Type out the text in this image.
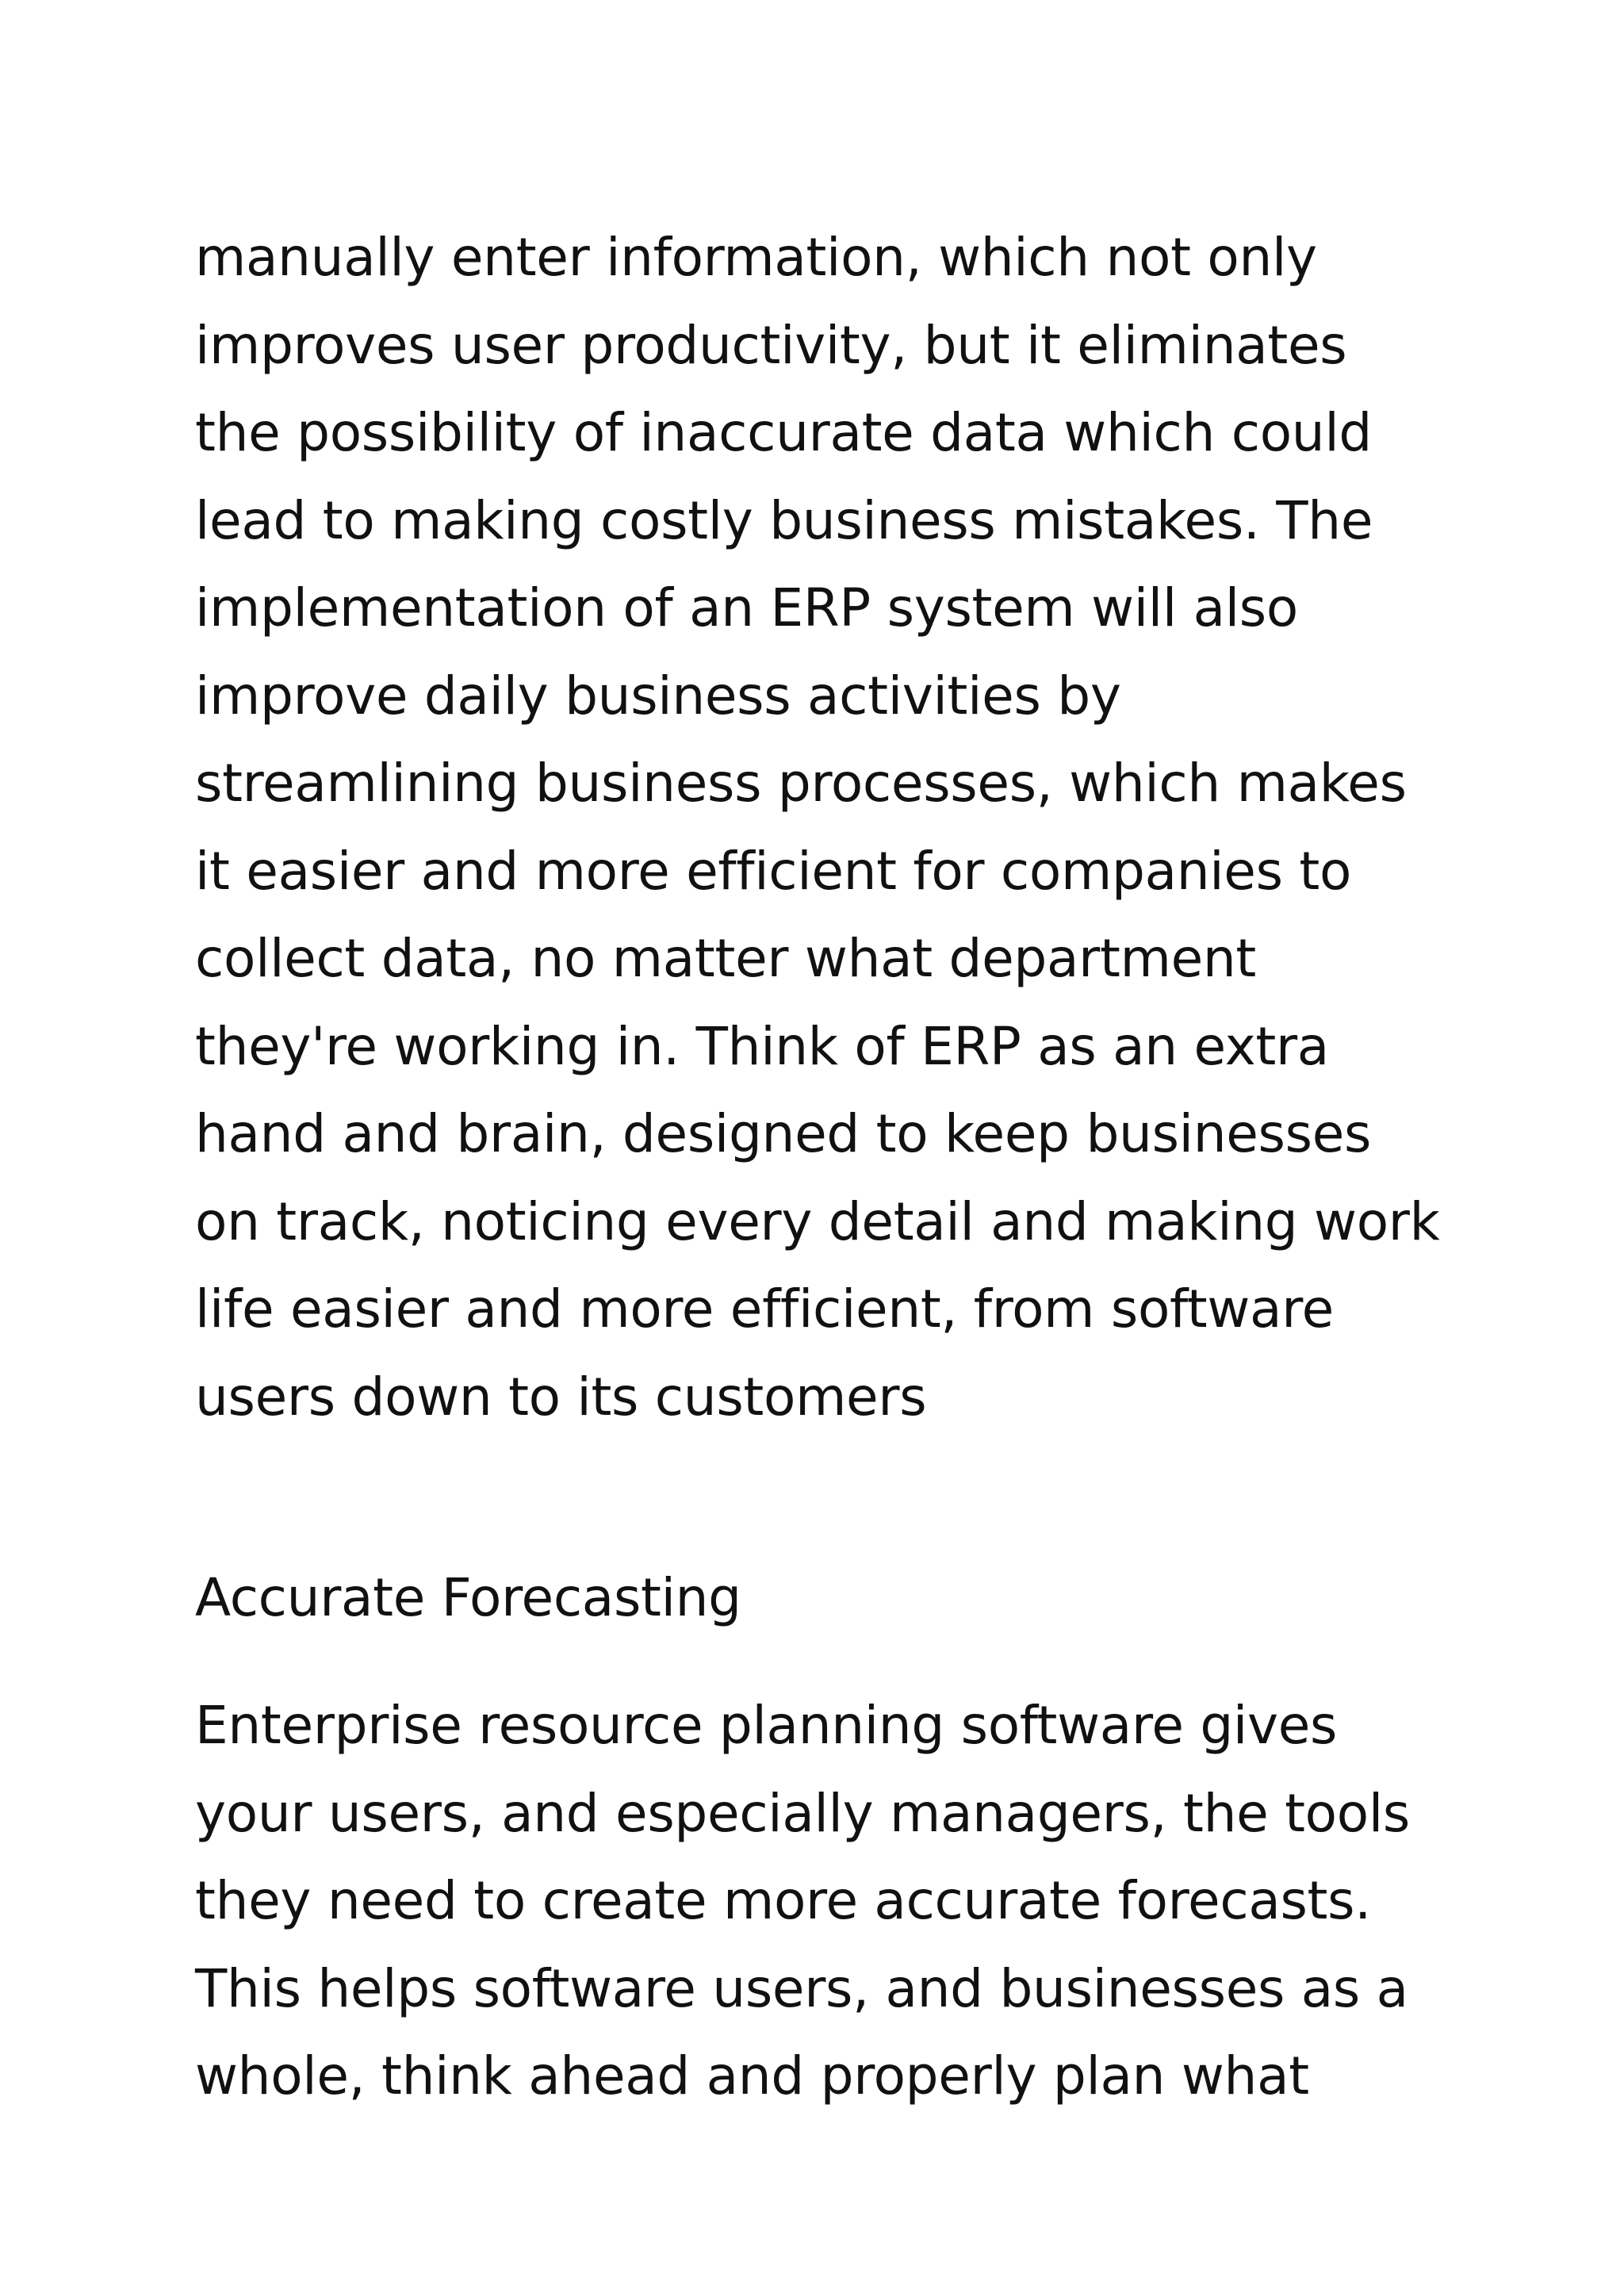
manually enter information, which not only
improves user productivity, but it eliminates
the possibility of inaccurate data which could
lead to making costly business mistakes. The
implementation of an ERP system will also
improve daily business activities by
streamlining business processes, which makes
it easier and more efficient for companies to
collect data, no matter what department
they're working in. Think of ERP as an extra
hand and brain, designed to keep businesses
on track, noticing every detail and making work
life easier and more efficient, from software
users down to its customers

Accurate Forecasting

Enterprise resource planning software gives
your users, and especially managers, the tools
they need to create more accurate forecasts.
This helps software users, and businesses as a
whole, think ahead and properly plan what
